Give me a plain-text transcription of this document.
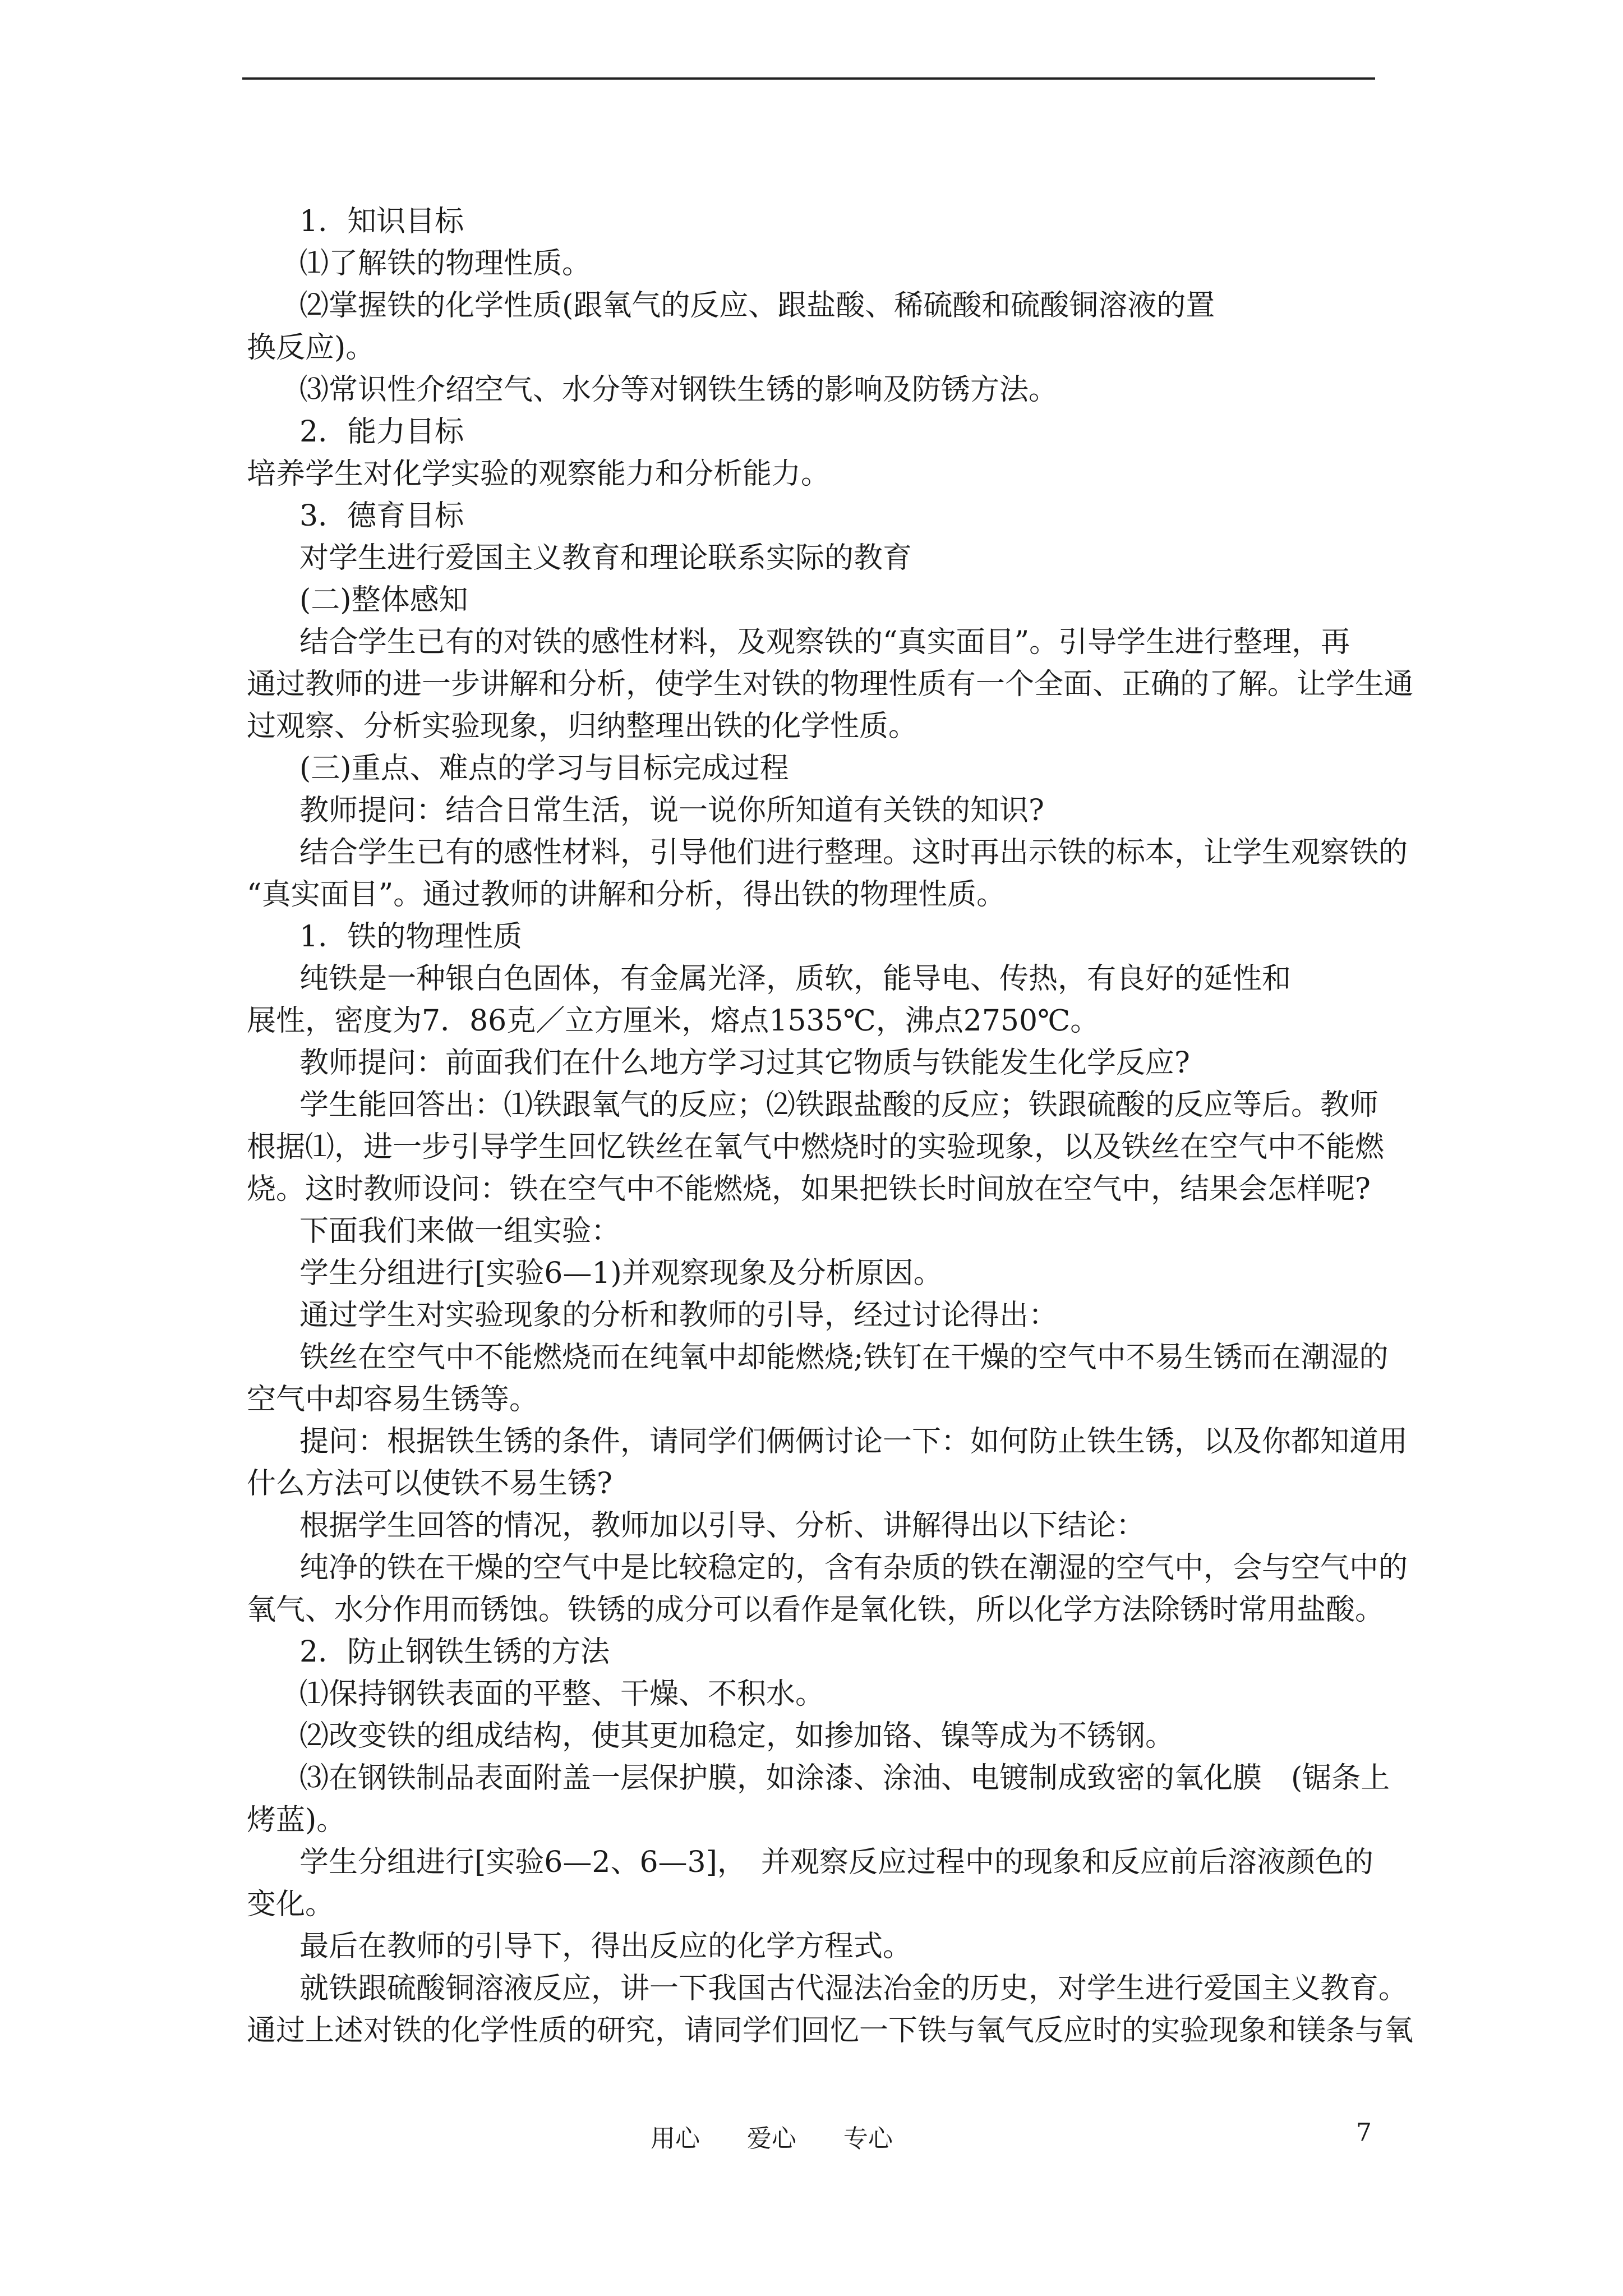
1．知识目标
⑴了解铁的物理性质。
⑵掌握铁的化学性质(跟氧气的反应、跟盐酸、稀硫酸和硫酸铜溶液的置
换反应)。
⑶常识性介绍空气、水分等对钢铁生锈的影响及防锈方法。
2．能力目标
培养学生对化学实验的观察能力和分析能力。
3．德育目标
对学生进行爱国主义教育和理论联系实际的教育
(二)整体感知
结合学生已有的对铁的感性材料，及观察铁的“真实面目”。引导学生进行整理，再
通过教师的进一步讲解和分析，使学生对铁的物理性质有一个全面、正确的了解。让学生通
过观察、分析实验现象，归纳整理出铁的化学性质。
(三)重点、难点的学习与目标完成过程
教师提问：结合日常生活，说一说你所知道有关铁的知识?
结合学生已有的感性材料，引导他们进行整理。这时再出示铁的标本，让学生观察铁的
“真实面目”。通过教师的讲解和分析，得出铁的物理性质。
1．铁的物理性质
纯铁是一种银白色固体，有金属光泽，质软，能导电、传热，有良好的延性和
展性，密度为7．86克／立方厘米，熔点1535℃，沸点2750℃。
教师提问：前面我们在什么地方学习过其它物质与铁能发生化学反应?
学生能回答出：⑴铁跟氧气的反应；⑵铁跟盐酸的反应；铁跟硫酸的反应等后。教师
根据⑴，进一步引导学生回忆铁丝在氧气中燃烧时的实验现象，以及铁丝在空气中不能燃
烧。这时教师设问：铁在空气中不能燃烧，如果把铁长时间放在空气中，结果会怎样呢?
下面我们来做一组实验：
学生分组进行[实验6—1)并观察现象及分析原因。
通过学生对实验现象的分析和教师的引导，经过讨论得出：
铁丝在空气中不能燃烧而在纯氧中却能燃烧;铁钉在干燥的空气中不易生锈而在潮湿的
空气中却容易生锈等。
提问：根据铁生锈的条件，请同学们俩俩讨论一下：如何防止铁生锈，以及你都知道用
什么方法可以使铁不易生锈?
根据学生回答的情况，教师加以引导、分析、讲解得出以下结论：
纯净的铁在干燥的空气中是比较稳定的，含有杂质的铁在潮湿的空气中，会与空气中的
氧气、水分作用而锈蚀。铁锈的成分可以看作是氧化铁，所以化学方法除锈时常用盐酸。
2．防止钢铁生锈的方法
⑴保持钢铁表面的平整、干燥、不积水。
⑵改变铁的组成结构，使其更加稳定，如掺加铬、镍等成为不锈钢。
⑶在钢铁制品表面附盖一层保护膜，如涂漆、涂油、电镀制成致密的氧化膜　(锯条上
烤蓝)。
学生分组进行[实验6—2、6—3]，　并观察反应过程中的现象和反应前后溶液颜色的
变化。
最后在教师的引导下，得出反应的化学方程式。
就铁跟硫酸铜溶液反应，讲一下我国古代湿法冶金的历史，对学生进行爱国主义教育。
通过上述对铁的化学性质的研究，请同学们回忆一下铁与氧气反应时的实验现象和镁条与氧
用心      爱心      专心	7
